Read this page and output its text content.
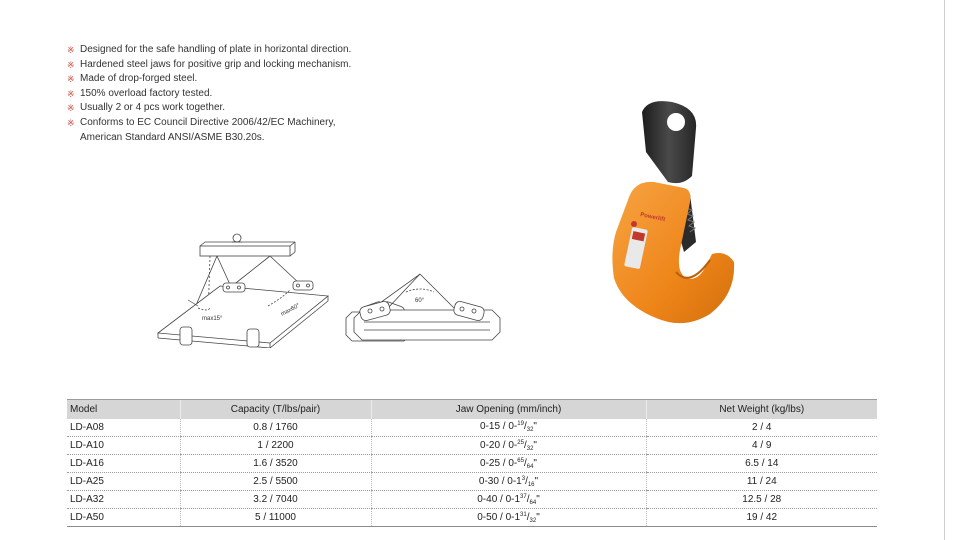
※ Designed for the safe handling of plate in horizontal direction.
※ Hardened steel jaws for positive grip and locking mechanism.
※ Made of drop-forged steel.
※ 150% overload factory tested.
※ Usually 2 or 4 pcs work together.
※ Conforms to EC Council Directive 2006/42/EC Machinery,
American Standard ANSI/ASME B30.20s.
max15°
max60°
60°
Powerlift
Model	Capacity (T/lbs/pair)	Jaw Opening (mm/inch)	Net Weight (kg/lbs)
LD-A08	0.8 / 1760	$0-15 / 0-^{19}/_{32}$"	2 / 4
LD-A10	1 / 2200	$0-20 / 0-^{25}/_{32}$"	4 / 9
LD-A16	1.6 / 3520	$0-25 / 0-^{65}/_{64}$"	6.5 / 14
LD-A25	2.5 / 5500	$0-30 / 0-1^3/_{16}$"	11 / 24
LD-A32	3.2 / 7040	$0-40 / 0-1^{37}/_{64}$"	12.5 / 28
LD-A50	5 / 11000	$0-50 / 0-1^{31}/_{32}$"	19 / 42
